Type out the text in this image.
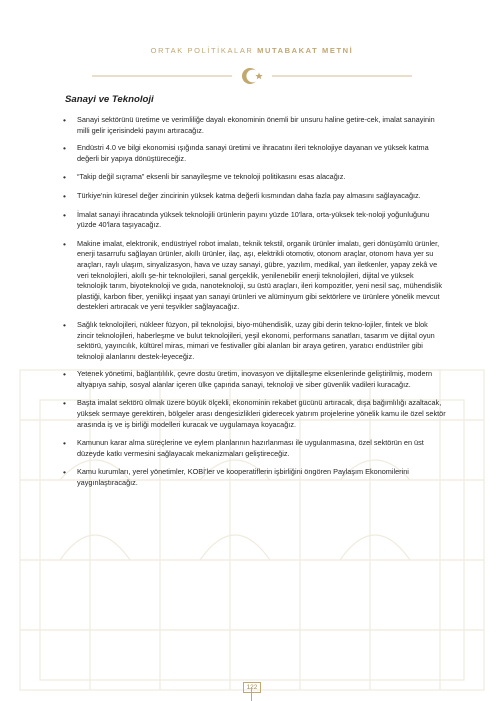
ORTAK POLİTİKALAR MUTABAKAT METNİ
Sanayi ve Teknoloji
• Sanayi sektörünü üretime ve verimliliğe dayalı ekonominin önemli bir unsuru haline getire-cek, imalat sanayinin milli gelir içerisindeki payını artıracağız.
• Endüstri 4.0 ve bilgi ekonomisi ışığında sanayi üretimi ve ihracatını ileri teknolojiye dayanan ve yüksek katma değerli bir yapıya dönüştüreceğiz.
• “Takip değil sıçrama” eksenli bir sanayileşme ve teknoloji politikasını esas alacağız.
• Türkiye'nin küresel değer zincirinin yüksek katma değerli kısmından daha fazla pay almasını sağlayacağız.
• İmalat sanayi ihracatında yüksek teknolojili ürünlerin payını yüzde 10'lara, orta-yüksek tek-noloji yoğunluğunu yüzde 40'lara taşıyacağız.
• Makine imalat, elektronik, endüstriyel robot imalatı, teknik tekstil, organik ürünler imalatı, geri dönüşümlü ürünler, enerji tasarrufu sağlayan ürünler, akıllı ürünler, ilaç, aşı, elektrikli otomotiv, otonom araçlar, otonom hava yer su araçları, raylı ulaşım, sinyalizasyon, hava ve uzay sanayi, gübre, yazılım, medikal, yarı iletkenler, yapay zekâ ve veri teknolojileri, akıllı şe-hir teknolojileri, sanal gerçeklik, yenilenebilir enerji teknolojileri, dijital ve yüksek teknolojik tarım, biyoteknoloji ve gıda, nanoteknoloji, su üstü araçları, ileri kompozitler, yeni nesil saç, mühendislik plastiği, karbon fiber, yenilikçi inşaat yan sanayi ürünleri ve alüminyum gibi sektörlere ve ürünlere yönelik mevcut destekleri artıracak ve yeni teşvikler sağlayacağız.
• Sağlık teknolojileri, nükleer füzyon, pil teknolojisi, biyo-mühendislik, uzay gibi derin tekno-lojiler, fintek ve blok zincir teknolojileri, haberleşme ve bulut teknolojileri, yeşil ekonomi, performans sanatları, tasarım ve dijital oyun sektörü, yayıncılık, kültürel miras, mimari ve festivaller gibi alanları bir araya getiren, yaratıcı endüstriler gibi teknoloji alanlarını destek-leyeceğiz.
• Yetenek yönetimi, bağlantılılık, çevre dostu üretim, inovasyon ve dijitalleşme eksenlerinde geliştirilmiş, modern altyapıya sahip, sosyal alanlar içeren ülke çapında sanayi, teknoloji ve siber güvenlik vadileri kuracağız.
• Başta imalat sektörü olmak üzere büyük ölçekli, ekonominin rekabet gücünü artıracak, dışa bağımlılığı azaltacak, yüksek sermaye gerektiren, bölgeler arası dengesizlikleri giderecek yatırım projelerine yönelik kamu ile özel sektör arasında iş ve iş birliği modelleri kuracak ve uygulamaya koyacağız.
• Kamunun karar alma süreçlerine ve eylem planlarının hazırlanması ile uygulanmasına, özel sektörün en üst düzeyde katkı vermesini sağlayacak mekanizmaları geliştireceğiz.
• Kamu kurumları, yerel yönetimler, KOBİ'ler ve kooperatiflerin işbirliğini öngören Paylaşım Ekonomilerini yaygınlaştıracağız.
122
